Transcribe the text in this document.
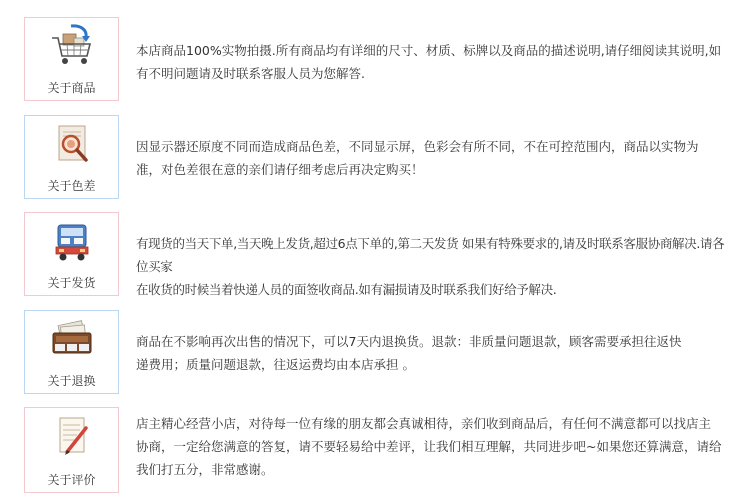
关于商品

本店商品100%实物拍摄.所有商品均有详细的尺寸、材质、标牌以及商品的描述说明,请仔细阅读其说明,如
有不明问题请及时联系客服人员为您解答.

关于色差

因显示器还原度不同而造成商品色差，不同显示屏，色彩会有所不同，不在可控范围内，商品以实物为
准，对色差很在意的亲们请仔细考虑后再决定购买！

关于发货

有现货的当天下单,当天晚上发货,超过6点下单的,第二天发货 如果有特殊要求的,请及时联系客服协商解决.请各位买家
在收货的时候当着快递人员的面签收商品.如有漏损请及时联系我们好给予解决.

关于退换

商品在不影响再次出售的情况下，可以7天内退换货。退款：非质量问题退款，顾客需要承担往返快
递费用；质量问题退款，往返运费均由本店承担 。

关于评价

店主精心经营小店，对待每一位有缘的朋友都会真诚相待，亲们收到商品后，有任何不满意都可以找店主
协商，一定给您满意的答复，请不要轻易给中差评，让我们相互理解，共同进步吧~如果您还算满意，请给
我们打五分，非常感谢。
